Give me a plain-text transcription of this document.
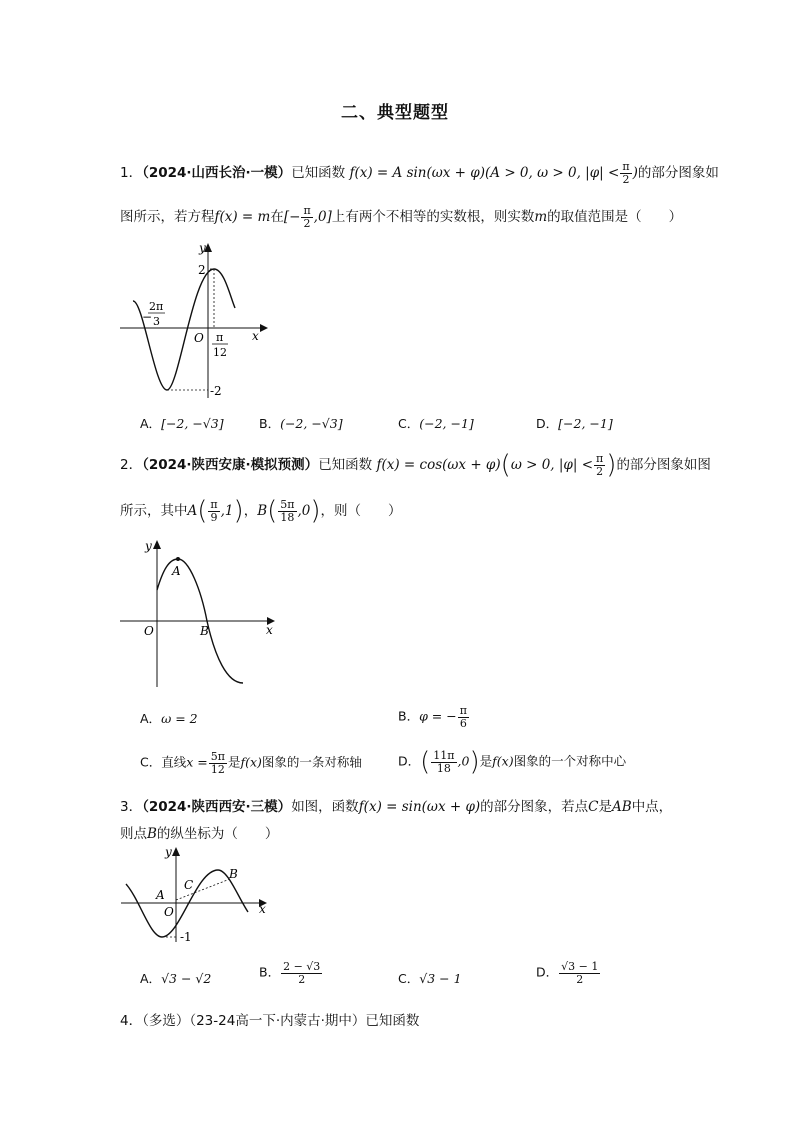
二、典型题型
1．（2024·山西长治·一模）已知函数 f(x) = A sin(ωx + φ)(A > 0, ω > 0, $|\varphi| < \frac{\pi}{2}$ )的部分图象如
图所示，若方程f(x) = m在[− $\frac{\pi}{2} ,0$]上有两个不相等的实数根，则实数m的取值范围是（　　）
y
x
O
2
-2
−
2π
3
π
12
A．[−2, −√3]	B．(−2, −√3]	C．(−2, −1]	D．[−2, −1]
2．（2024·陕西安康·模拟预测）已知函数 f(x) = cos(ωx + φ)(ω > 0, $|\varphi| < \frac{\pi}{2}$ )的部分图象如图
所示，其中$A( \frac{\pi}{9} ,1)$，$B( \frac{5\pi}{18} ,0)$，则（　　）
y
x
O
A
B
A．ω = 2	B．φ = − $\frac{\pi}{6}$
C．直线$x = \frac{5\pi}{12}$ 是f(x)图象的一条对称轴	D．( $\frac{11\pi}{18} ,0$)是f(x)图象的一个对称中心
3．（2024·陕西西安·三模）如图，函数f(x) = sin(ωx + φ)的部分图象，若点C是AB中点，
则点B的纵坐标为（　　）
y
x
O
A
B
C
-1
A．√3 − √2	B． $\frac{2 - √3}{2}$	C．√3 − 1	D． $\frac{√3 - 1}{2}$
4．（多选）（23-24高一下·内蒙古·期中）已知函数
